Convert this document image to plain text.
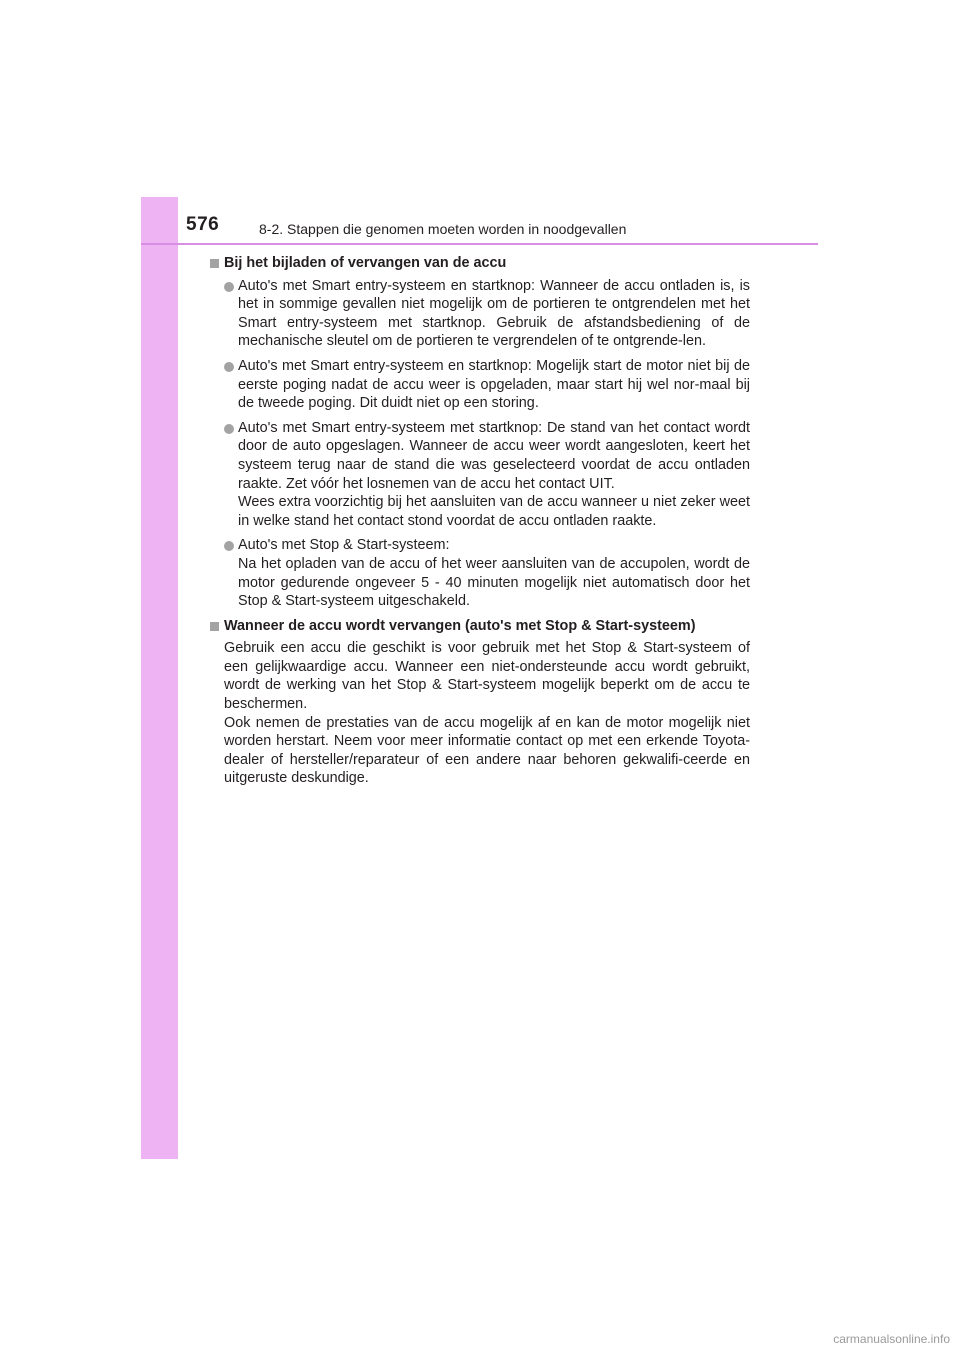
576	8-2. Stappen die genomen moeten worden in noodgevallen
Bij het bijladen of vervangen van de accu
Auto's met Smart entry-systeem en startknop: Wanneer de accu ontladen is, is het in sommige gevallen niet mogelijk om de portieren te ontgrendelen met het Smart entry-systeem met startknop. Gebruik de afstandsbediening of de mechanische sleutel om de portieren te vergrendelen of te ontgrende-len.
Auto's met Smart entry-systeem en startknop: Mogelijk start de motor niet bij de eerste poging nadat de accu weer is opgeladen, maar start hij wel nor-maal bij de tweede poging. Dit duidt niet op een storing.
Auto's met Smart entry-systeem met startknop: De stand van het contact wordt door de auto opgeslagen. Wanneer de accu weer wordt aangesloten, keert het systeem terug naar de stand die was geselecteerd voordat de accu ontladen raakte. Zet vóór het losnemen van de accu het contact UIT.
Wees extra voorzichtig bij het aansluiten van de accu wanneer u niet zeker weet in welke stand het contact stond voordat de accu ontladen raakte.
Auto's met Stop & Start-systeem:
Na het opladen van de accu of het weer aansluiten van de accupolen, wordt de motor gedurende ongeveer 5 - 40 minuten mogelijk niet automatisch door het Stop & Start-systeem uitgeschakeld.
Wanneer de accu wordt vervangen (auto's met Stop & Start-systeem)
Gebruik een accu die geschikt is voor gebruik met het Stop & Start-systeem of een gelijkwaardige accu. Wanneer een niet-ondersteunde accu wordt gebruikt, wordt de werking van het Stop & Start-systeem mogelijk beperkt om de accu te beschermen.
Ook nemen de prestaties van de accu mogelijk af en kan de motor mogelijk niet worden herstart. Neem voor meer informatie contact op met een erkende Toyota-dealer of hersteller/reparateur of een andere naar behoren gekwalifi-ceerde en uitgeruste deskundige.
carmanualsonline.info
